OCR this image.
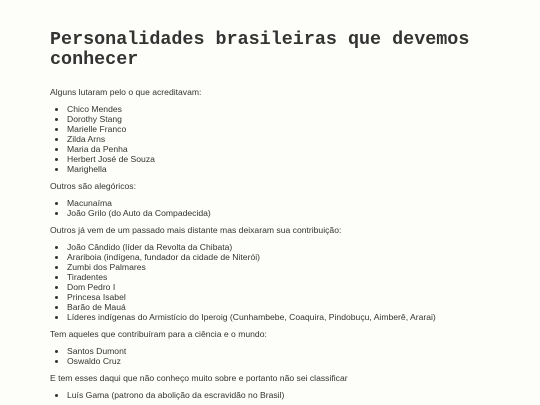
Personalidades brasileiras que devemos conhecer

Alguns lutaram pelo o que acreditavam:

• Chico Mendes
• Dorothy Stang
• Marielle Franco
• Zilda Arns
• Maria da Penha
• Herbert José de Souza
• Marighella

Outros são alegóricos:

• Macunaíma
• João Grilo (do Auto da Compadecida)

Outros já vem de um passado mais distante mas deixaram sua contribuição:

• João Cândido (líder da Revolta da Chibata)
• Arariboia (indígena, fundador da cidade de Niterói)
• Zumbi dos Palmares
• Tiradentes
• Dom Pedro I
• Princesa Isabel
• Barão de Mauá
• Líderes indígenas do Armistício do Iperoig (Cunhambebe, Coaquira, Pindobuçu, Aimberê, Ararai)

Tem aqueles que contribuíram para a ciência e o mundo:

• Santos Dumont
• Oswaldo Cruz

E tem esses daqui que não conheço muito sobre e portanto não sei classificar

• Luís Gama (patrono da abolição da escravidão no Brasil)
